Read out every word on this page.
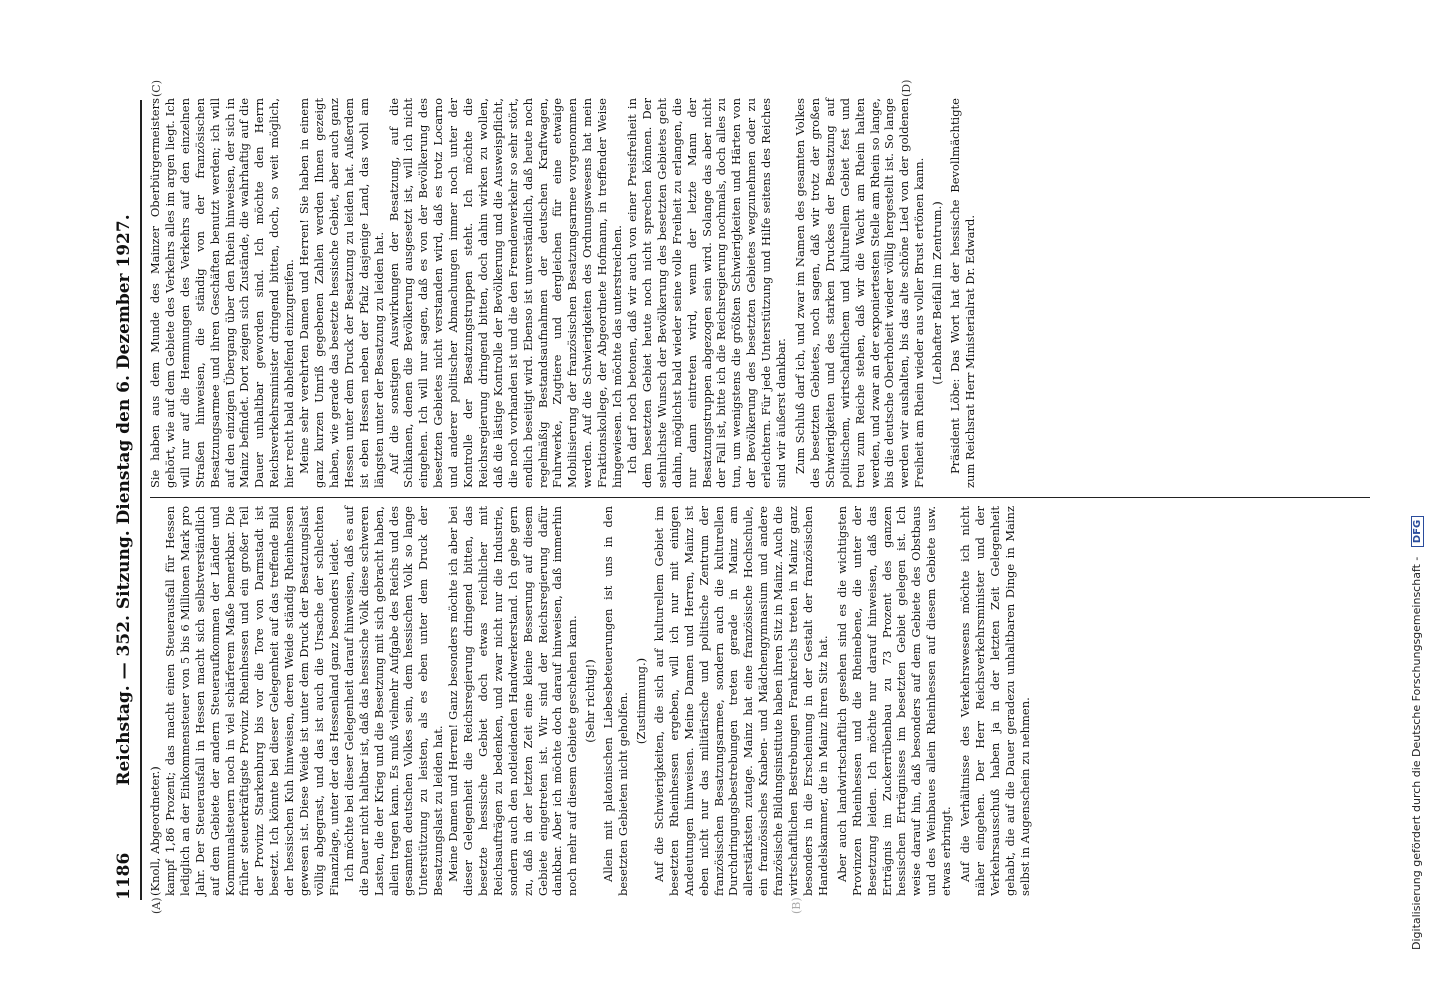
1186
Reichstag. — 352. Sitzung. Dienstag den 6. Dezember 1927.
(A)	(B)
(C)	(D)

(Knoll, Abgeordneter.) kampf 1,86 Prozent; das macht einen Steuerausfall für Hessen lediglich an der Einkommensteuer von 5 bis 6 Millionen Mark pro Jahr. Der Steuerausfall in Hessen macht sich selbstverständlich auf dem Gebiete der andern Steueraufkommen der Länder und Kommunalsteuern noch in viel schärferem Maße bemerkbar. Die früher steuerkräftigste Provinz Rheinhessen und ein großer Teil der Provinz Starkenburg bis vor die Tore von Darmstadt ist besetzt. Ich könnte bei dieser Gelegenheit auf das treffende Bild der hessischen Kuh hinweisen, deren Weide ständig Rheinhessen gewesen ist. Diese Weide ist unter dem Druck der Besatzungslast völlig abgegrast, und das ist auch die Ursache der schlechten Finanzlage, unter der das Hessenland ganz besonders leidet. Ich möchte bei dieser Gelegenheit darauf hinweisen, daß es auf die Dauer nicht haltbar ist, daß das hessische Volk diese schweren Lasten, die der Krieg und die Besetzung mit sich gebracht haben, allein tragen kann. Es muß vielmehr Aufgabe des Reichs und des gesamten deutschen Volkes sein, dem hessischen Volk so lange Unterstützung zu leisten, als es eben unter dem Druck der Besatzungslast zu leiden hat. Meine Damen und Herren! Ganz besonders möchte ich aber bei dieser Gelegenheit die Reichsregierung dringend bitten, das besetzte hessische Gebiet doch etwas reichlicher mit Reichsaufträgen zu bedenken, und zwar nicht nur die Industrie, sondern auch den notleidenden Handwerkerstand. Ich gebe gern zu, daß in der letzten Zeit eine kleine Besserung auf diesem Gebiete eingetreten ist. Wir sind der Reichsregierung dafür dankbar. Aber ich möchte doch darauf hinweisen, daß immerhin noch mehr auf diesem Gebiete geschehen kann. (Sehr richtig!) Allein mit platonischen Liebesbeteuerungen ist uns in den besetzten Gebieten nicht geholfen. (Zustimmung.) Auf die Schwierigkeiten, die sich auf kulturellem Gebiet im besetzten Rheinhessen ergeben, will ich nur mit einigen Andeutungen hinweisen. Meine Damen und Herren, Mainz ist eben nicht nur das militärische und politische Zentrum der französischen Besatzungsarmee, sondern auch die kulturellen Durchdringungsbestrebungen treten gerade in Mainz am allerstärksten zutage. Mainz hat eine französische Hochschule, ein französisches Knaben- und Mädchengymnasium und andere französische Bildungsinstitute haben ihren Sitz in Mainz. Auch die wirtschaftlichen Bestrebungen Frankreichs treten in Mainz ganz besonders in die Erscheinung in der Gestalt der französischen Handelskammer, die in Mainz ihren Sitz hat. Aber auch landwirtschaftlich gesehen sind es die wichtigsten Provinzen Rheinhessen und die Rheinebene, die unter der Besetzung leiden. Ich möchte nur darauf hinweisen, daß das Erträgnis im Zuckerrübenbau zu 73 Prozent des ganzen hessischen Erträgnisses im besetzten Gebiet gelegen ist. Ich weise darauf hin, daß besonders auf dem Gebiete des Obstbaus und des Weinbaues allein Rheinhessen auf diesem Gebiete usw. etwas erbringt. Auf die Verhältnisse des Verkehrswesens möchte ich nicht näher eingehen. Der Herr Reichsverkehrsminister und der Verkehrsausschuß haben ja in der letzten Zeit Gelegenheit gehabt, die auf die Dauer geradezu unhaltbaren Dinge in Mainz selbst in Augenschein zu nehmen.

Sie haben aus dem Munde des Mainzer Oberbürgermeisters gehört, wie auf dem Gebiete des Verkehrs alles im argen liegt. Ich will nur auf die Hemmungen des Verkehrs auf den einzelnen Straßen hinweisen, die ständig von der französischen Besatzungsarmee und ihren Geschäften benutzt werden; ich will auf den einzigen Übergang über den Rhein hinweisen, der sich in Mainz befindet. Dort zeigen sich Zustände, die wahrhaftig auf die Dauer unhaltbar geworden sind. Ich möchte den Herrn Reichsverkehrsminister dringend bitten, doch, so weit möglich, hier recht bald abhelfend einzugreifen. Meine sehr verehrten Damen und Herren! Sie haben in einem ganz kurzen Umriß gegebenen Zahlen werden Ihnen gezeigt haben, wie gerade das besetzte hessische Gebiet, aber auch ganz Hessen unter dem Druck der Besatzung zu leiden hat. Außerdem ist eben Hessen neben der Pfalz dasjenige Land, das wohl am längsten unter der Besatzung zu leiden hat. Auf die sonstigen Auswirkungen der Besatzung, auf die Schikanen, denen die Bevölkerung ausgesetzt ist, will ich nicht eingehen. Ich will nur sagen, daß es von der Bevölkerung des besetzten Gebietes nicht verstanden wird, daß es trotz Locarno und anderer politischer Abmachungen immer noch unter der Kontrolle der Besatzungstruppen steht. Ich möchte die Reichsregierung dringend bitten, doch dahin wirken zu wollen, daß die lästige Kontrolle der Bevölkerung und die Ausweispflicht, die noch vorhanden ist und die den Fremdenverkehr so sehr stört, endlich beseitigt wird. Ebenso ist unverständlich, daß heute noch regelmäßig Bestandsaufnahmen der deutschen Kraftwagen, Fuhrwerke, Zugtiere und dergleichen für eine etwaige Mobilisierung der französischen Besatzungsarmee vorgenommen werden. Auf die Schwierigkeiten des Ordnungswesens hat mein Fraktionskollege, der Abgeordnete Hofmann, in treffender Weise hingewiesen. Ich möchte das unterstreichen. Ich darf noch betonen, daß wir auch von einer Preisfreiheit in dem besetzten Gebiet heute noch nicht sprechen können. Der sehnlichste Wunsch der Bevölkerung des besetzten Gebietes geht dahin, möglichst bald wieder seine volle Freiheit zu erlangen, die nur dann eintreten wird, wenn der letzte Mann der Besatzungstruppen abgezogen sein wird. Solange das aber nicht der Fall ist, bitte ich die Reichsregierung nochmals, doch alles zu tun, um wenigstens die größten Schwierigkeiten und Härten von der Bevölkerung des besetzten Gebietes wegzunehmen oder zu erleichtern. Für jede Unterstützung und Hilfe seitens des Reiches sind wir äußerst dankbar. Zum Schluß darf ich, und zwar im Namen des gesamten Volkes des besetzten Gebietes, noch sagen, daß wir trotz der großen Schwierigkeiten und des starken Druckes der Besatzung auf politischem, wirtschaftlichem und kulturellem Gebiet fest und treu zum Reiche stehen, daß wir die Wacht am Rhein halten werden, und zwar an der exponiertesten Stelle am Rhein so lange, bis die deutsche Oberhoheit wieder völlig hergestellt ist. So lange werden wir aushalten, bis das alte schöne Lied von der goldenen Freiheit am Rhein wieder aus voller Brust ertönen kann. (Lebhafter Beifall im Zentrum.) Präsident Löbe: Das Wort hat der hessische Bevollmächtigte zum Reichsrat Herr Ministerialrat Dr. Edward.

Digitalisierung gefördert durch die Deutsche Forschungsgemeinschaft - DFG
